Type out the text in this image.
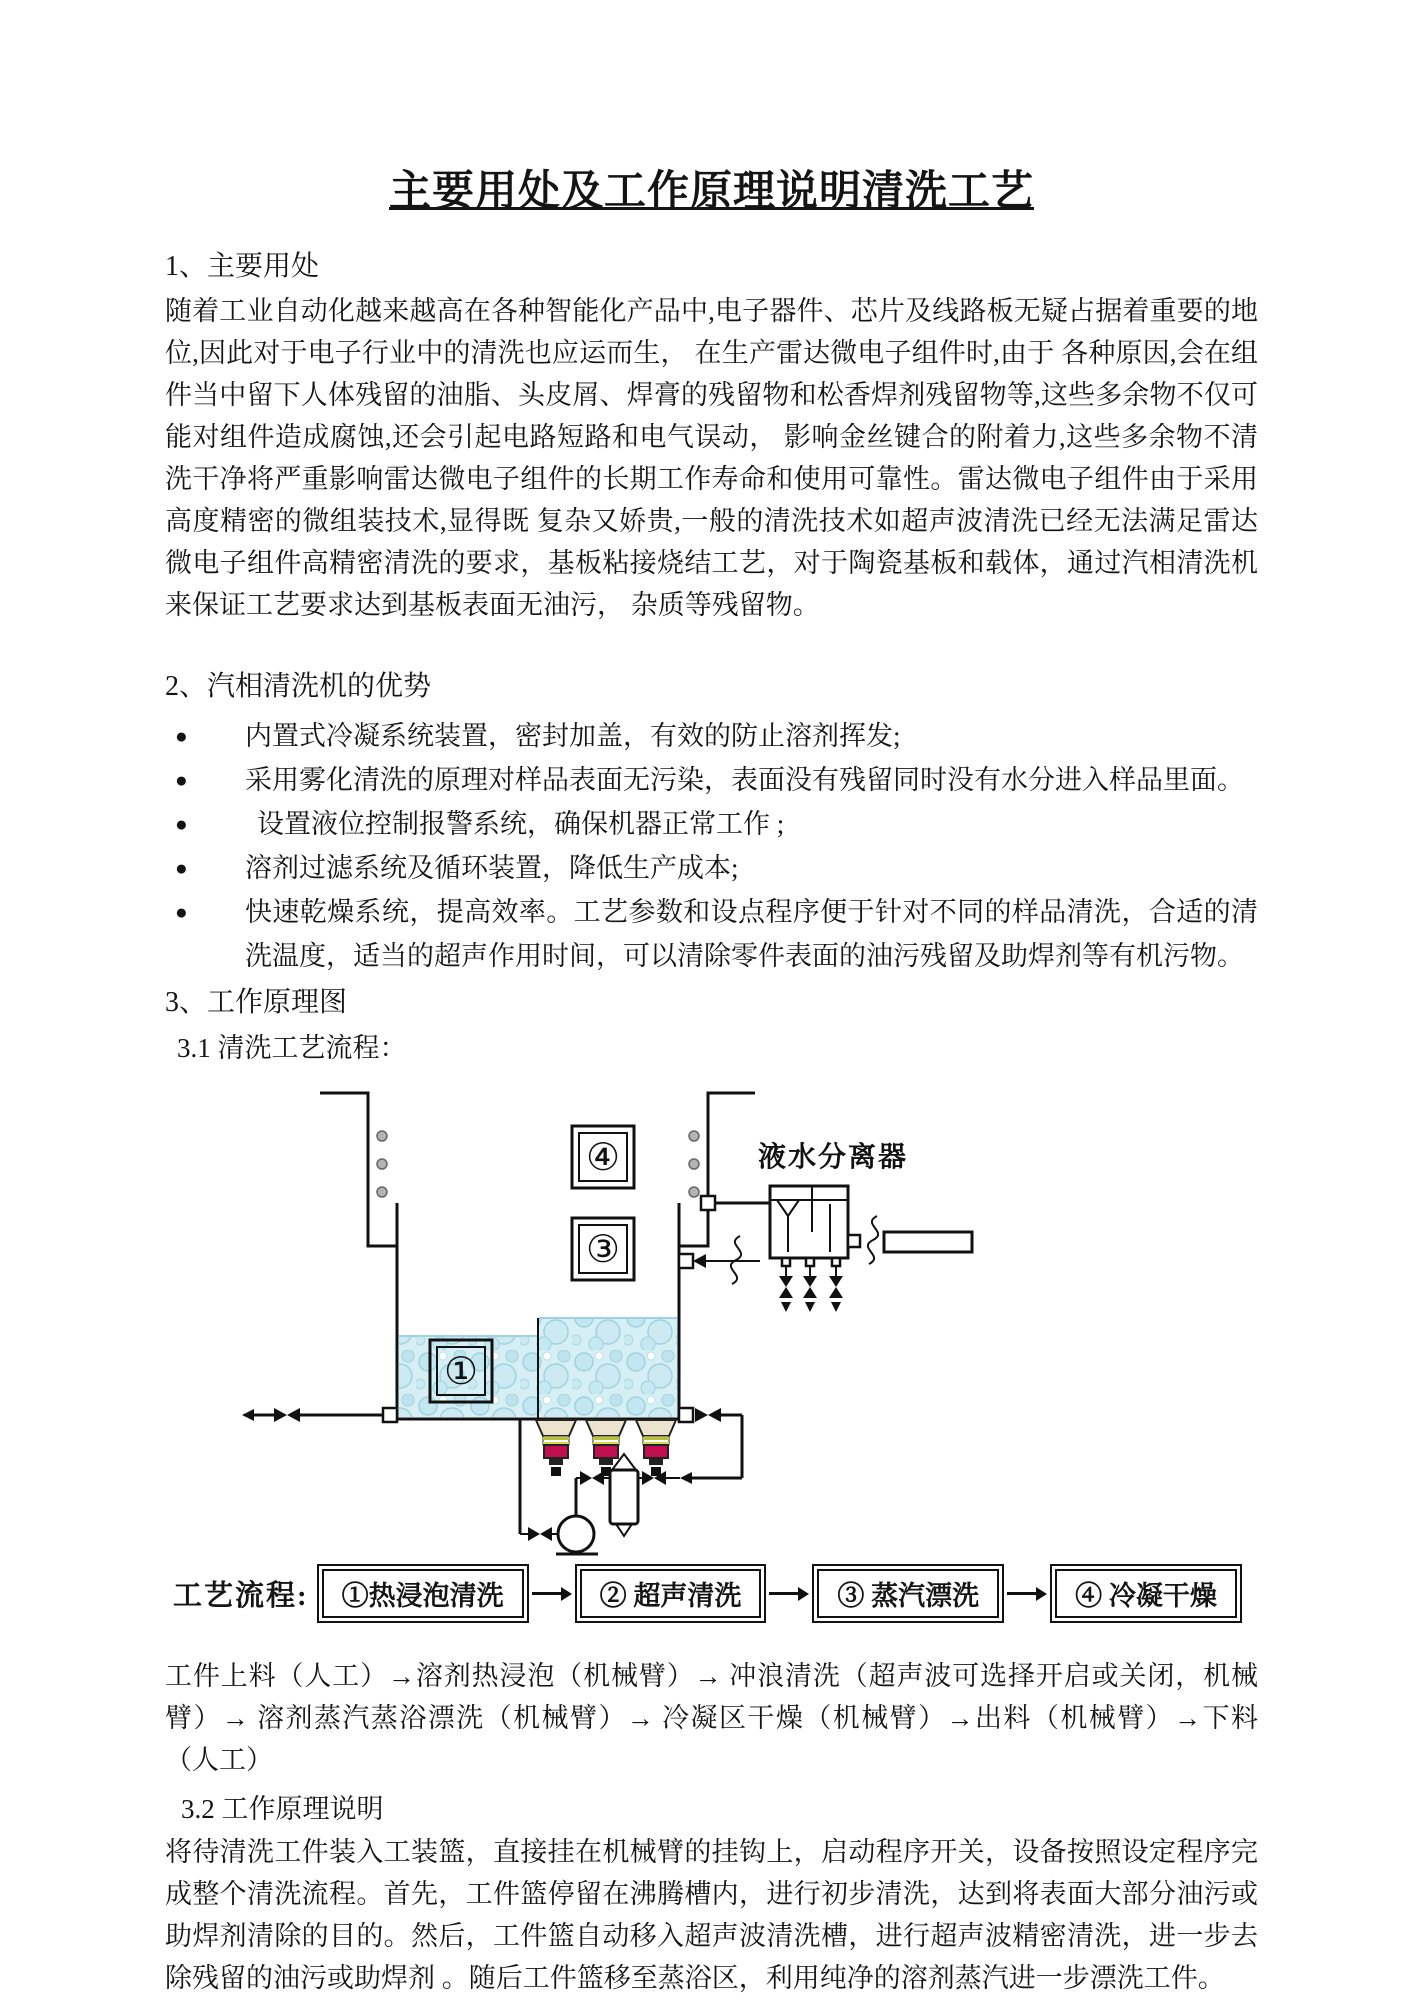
主要用处及工作原理说明清洗工艺

1、主要用处

随着工业自动化越来越高在各种智能化产品中,电子器件、芯片及线路板无疑占据着重要的地位,因此对于电子行业中的清洗也应运而生， 在生产雷达微电子组件时,由于 各种原因,会在组件当中留下人体残留的油脂、头皮屑、焊膏的残留物和松香焊剂残留物等,这些多余物不仅可能对组件造成腐蚀,还会引起电路短路和电气误动， 影响金丝键合的附着力,这些多余物不清洗干净将严重影响雷达微电子组件的长期工作寿命和使用可靠性。雷达微电子组件由于采用高度精密的微组装技术,显得既 复杂又娇贵,一般的清洗技术如超声波清洗已经无法满足雷达微电子组件高精密清洗的要求，基板粘接烧结工艺，对于陶瓷基板和载体，通过汽相清洗机来保证工艺要求达到基板表面无油污， 杂质等残留物。

2、汽相清洗机的优势

●	内置式冷凝系统装置，密封加盖，有效的防止溶剂挥发;
●	采用雾化清洗的原理对样品表面无污染，表面没有残留同时没有水分进入样品里面。
●	设置液位控制报警系统，确保机器正常工作 ;
●	溶剂过滤系统及循环装置，降低生产成本;
●	快速乾燥系统，提高效率。工艺参数和设点程序便于针对不同的样品清洗，合适的清洗温度，适当的超声作用时间，可以清除零件表面的油污残留及助焊剂等有机污物。

3、工作原理图

3.1 清洗工艺流程：

④
③
①
液水分离器
工艺流程:	①热浸泡清洗	② 超声清洗	③ 蒸汽漂洗	④ 冷凝干燥

工件上料（人工）→溶剂热浸泡（机械臂）→ 冲浪清洗（超声波可选择开启或关闭，机械臂）→ 溶剂蒸汽蒸浴漂洗（机械臂）→ 冷凝区干燥（机械臂）→出料（机械臂）→下料（人工）

3.2 工作原理说明

将待清洗工件装入工装篮，直接挂在机械臂的挂钩上，启动程序开关，设备按照设定程序完成整个清洗流程。首先，工件篮停留在沸腾槽内，进行初步清洗，达到将表面大部分油污或助焊剂清除的目的。然后，工件篮自动移入超声波清洗槽，进行超声波精密清洗，进一步去除残留的油污或助焊剂 。随后工件篮移至蒸浴区，利用纯净的溶剂蒸汽进一步漂洗工件。
